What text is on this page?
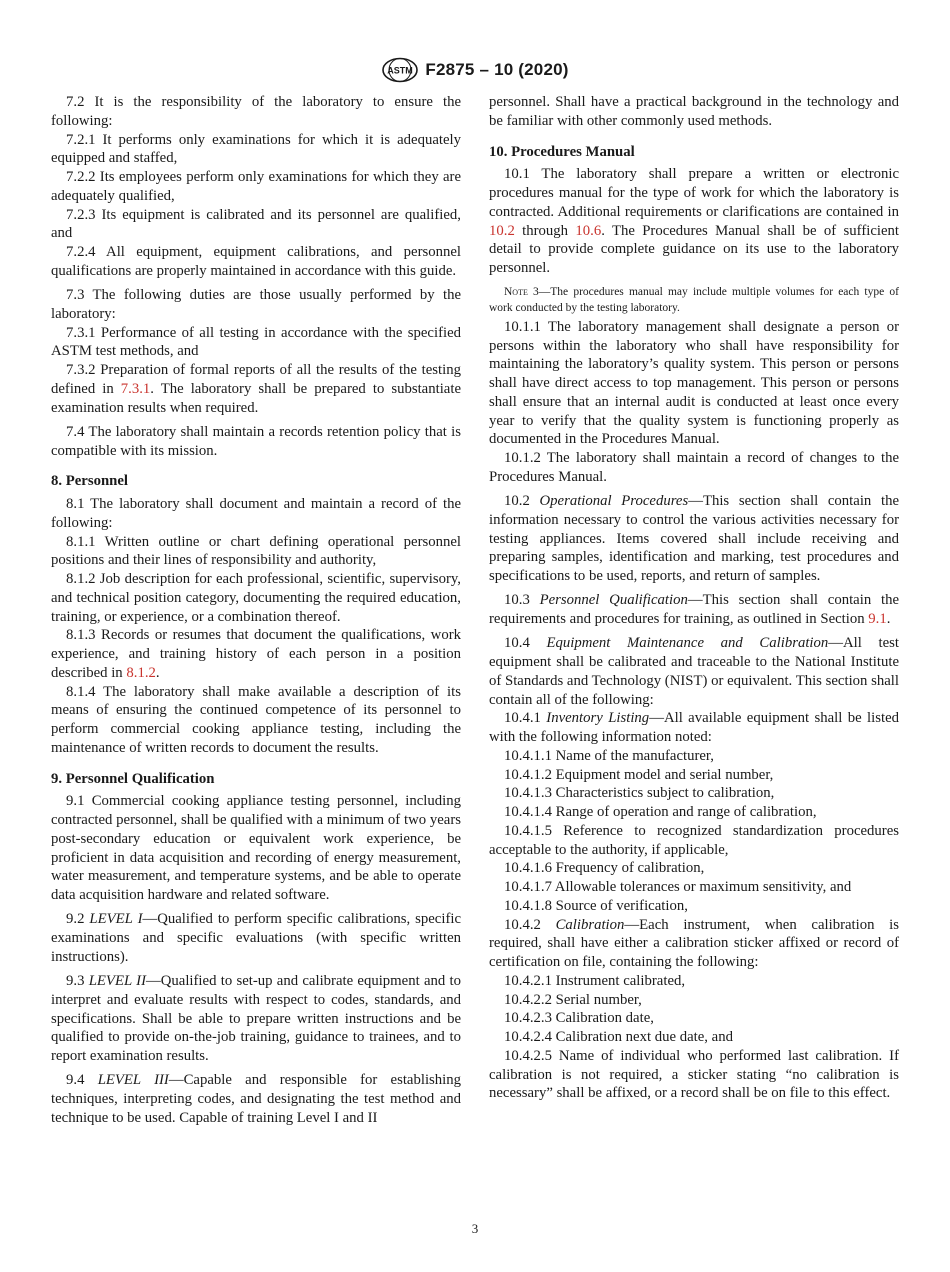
ASTM F2875 – 10 (2020)

7.2 It is the responsibility of the laboratory to ensure the following:

7.2.1 It performs only examinations for which it is adequately equipped and staffed,

7.2.2 Its employees perform only examinations for which they are adequately qualified,

7.2.3 Its equipment is calibrated and its personnel are qualified, and

7.2.4 All equipment, equipment calibrations, and personnel qualifications are properly maintained in accordance with this guide.

7.3 The following duties are those usually performed by the laboratory:

7.3.1 Performance of all testing in accordance with the specified ASTM test methods, and

7.3.2 Preparation of formal reports of all the results of the testing defined in 7.3.1. The laboratory shall be prepared to substantiate examination results when required.

7.4 The laboratory shall maintain a records retention policy that is compatible with its mission.

8. Personnel

8.1 The laboratory shall document and maintain a record of the following:

8.1.1 Written outline or chart defining operational personnel positions and their lines of responsibility and authority,

8.1.2 Job description for each professional, scientific, supervisory, and technical position category, documenting the required education, training, or experience, or a combination thereof.

8.1.3 Records or resumes that document the qualifications, work experience, and training history of each person in a position described in 8.1.2.

8.1.4 The laboratory shall make available a description of its means of ensuring the continued competence of its personnel to perform commercial cooking appliance testing, including the maintenance of written records to document the results.

9. Personnel Qualification

9.1 Commercial cooking appliance testing personnel, including contracted personnel, shall be qualified with a minimum of two years post-secondary education or equivalent work experience, be proficient in data acquisition and recording of energy measurement, water measurement, and temperature systems, and be able to operate data acquisition hardware and related software.

9.2 LEVEL I—Qualified to perform specific calibrations, specific examinations and specific evaluations (with specific written instructions).

9.3 LEVEL II—Qualified to set-up and calibrate equipment and to interpret and evaluate results with respect to codes, standards, and specifications. Shall be able to prepare written instructions and be qualified to provide on-the-job training, guidance to trainees, and to report examination results.

9.4 LEVEL III—Capable and responsible for establishing techniques, interpreting codes, and designating the test method and technique to be used. Capable of training Level I and II

personnel. Shall have a practical background in the technology and be familiar with other commonly used methods.

10. Procedures Manual

10.1 The laboratory shall prepare a written or electronic procedures manual for the type of work for which the laboratory is contracted. Additional requirements or clarifications are contained in 10.2 through 10.6. The Procedures Manual shall be of sufficient detail to provide complete guidance on its use to the laboratory personnel.

Note 3—The procedures manual may include multiple volumes for each type of work conducted by the testing laboratory.

10.1.1 The laboratory management shall designate a person or persons within the laboratory who shall have responsibility for maintaining the laboratory’s quality system. This person or persons shall have direct access to top management. This person or persons shall ensure that an internal audit is conducted at least once every year to verify that the quality system is functioning properly as documented in the Procedures Manual.

10.1.2 The laboratory shall maintain a record of changes to the Procedures Manual.

10.2 Operational Procedures—This section shall contain the information necessary to control the various activities necessary for testing appliances. Items covered shall include receiving and preparing samples, identification and marking, test procedures and specifications to be used, reports, and return of samples.

10.3 Personnel Qualification—This section shall contain the requirements and procedures for training, as outlined in Section 9.1.

10.4 Equipment Maintenance and Calibration—All test equipment shall be calibrated and traceable to the National Institute of Standards and Technology (NIST) or equivalent. This section shall contain all of the following:

10.4.1 Inventory Listing—All available equipment shall be listed with the following information noted:

10.4.1.1 Name of the manufacturer,

10.4.1.2 Equipment model and serial number,

10.4.1.3 Characteristics subject to calibration,

10.4.1.4 Range of operation and range of calibration,

10.4.1.5 Reference to recognized standardization procedures acceptable to the authority, if applicable,

10.4.1.6 Frequency of calibration,

10.4.1.7 Allowable tolerances or maximum sensitivity, and

10.4.1.8 Source of verification,

10.4.2 Calibration—Each instrument, when calibration is required, shall have either a calibration sticker affixed or record of certification on file, containing the following:

10.4.2.1 Instrument calibrated,

10.4.2.2 Serial number,

10.4.2.3 Calibration date,

10.4.2.4 Calibration next due date, and

10.4.2.5 Name of individual who performed last calibration. If calibration is not required, a sticker stating “no calibration is necessary” shall be affixed, or a record shall be on file to this effect.

3
